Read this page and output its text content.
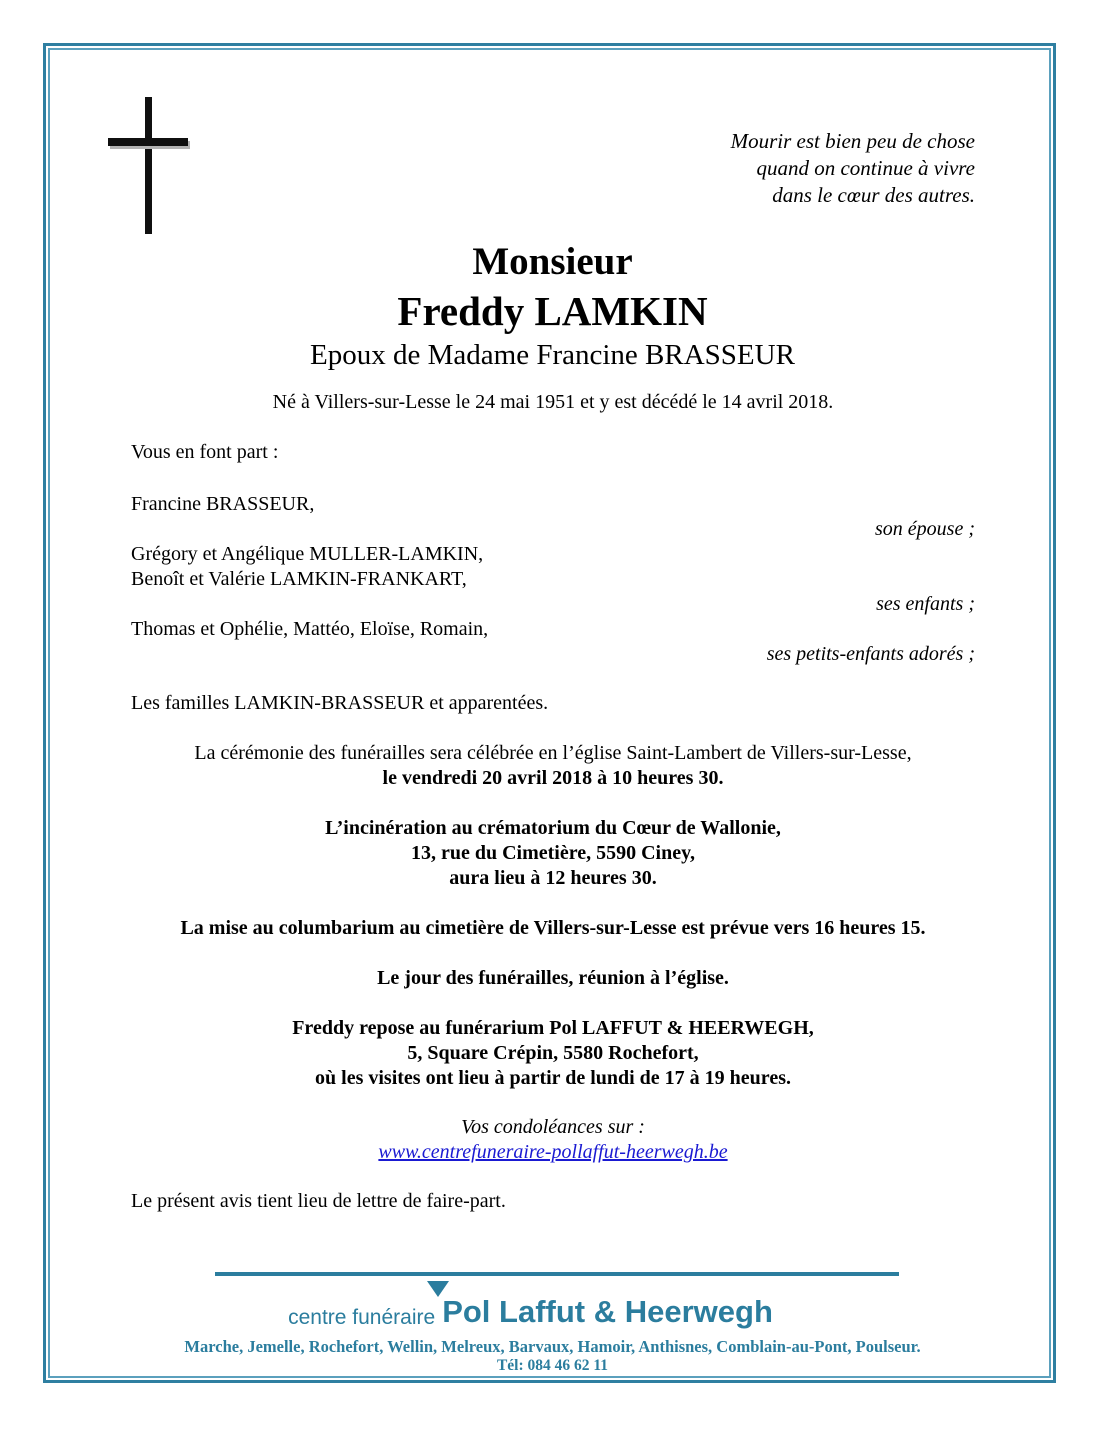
Mourir est bien peu de chose
quand on continue à vivre
dans le cœur des autres.
Monsieur
Freddy LAMKIN
Epoux de Madame Francine BRASSEUR

Né à Villers-sur-Lesse le 24 mai 1951 et y est décédé le 14 avril 2018.

Vous en font part :

Francine BRASSEUR,
son épouse ;
Grégory et Angélique MULLER-LAMKIN,
Benoît et Valérie LAMKIN-FRANKART,
ses enfants ;
Thomas et Ophélie, Mattéo, Eloïse, Romain,
ses petits-enfants adorés ;

Les familles LAMKIN-BRASSEUR et apparentées.

La cérémonie des funérailles sera célébrée en l’église Saint-Lambert de Villers-sur-Lesse,
le vendredi 20 avril 2018 à 10 heures 30.
L’incinération au crématorium du Cœur de Wallonie,
13, rue du Cimetière, 5590 Ciney,
aura lieu à 12 heures 30.

La mise au columbarium au cimetière de Villers-sur-Lesse est prévue vers 16 heures 15.

Le jour des funérailles, réunion à l’église.

Freddy repose au funérarium Pol LAFFUT & HEERWEGH,
5, Square Crépin, 5580 Rochefort,
où les visites ont lieu à partir de lundi de 17 à 19 heures.
Vos condoléances sur :
www.centrefuneraire-pollaffut-heerwegh.be

Le présent avis tient lieu de lettre de faire-part.

centre funéraire Pol Laffut & Heerwegh
Marche, Jemelle, Rochefort, Wellin, Melreux, Barvaux, Hamoir, Anthisnes, Comblain-au-Pont, Poulseur.
Tél: 084 46 62 11
